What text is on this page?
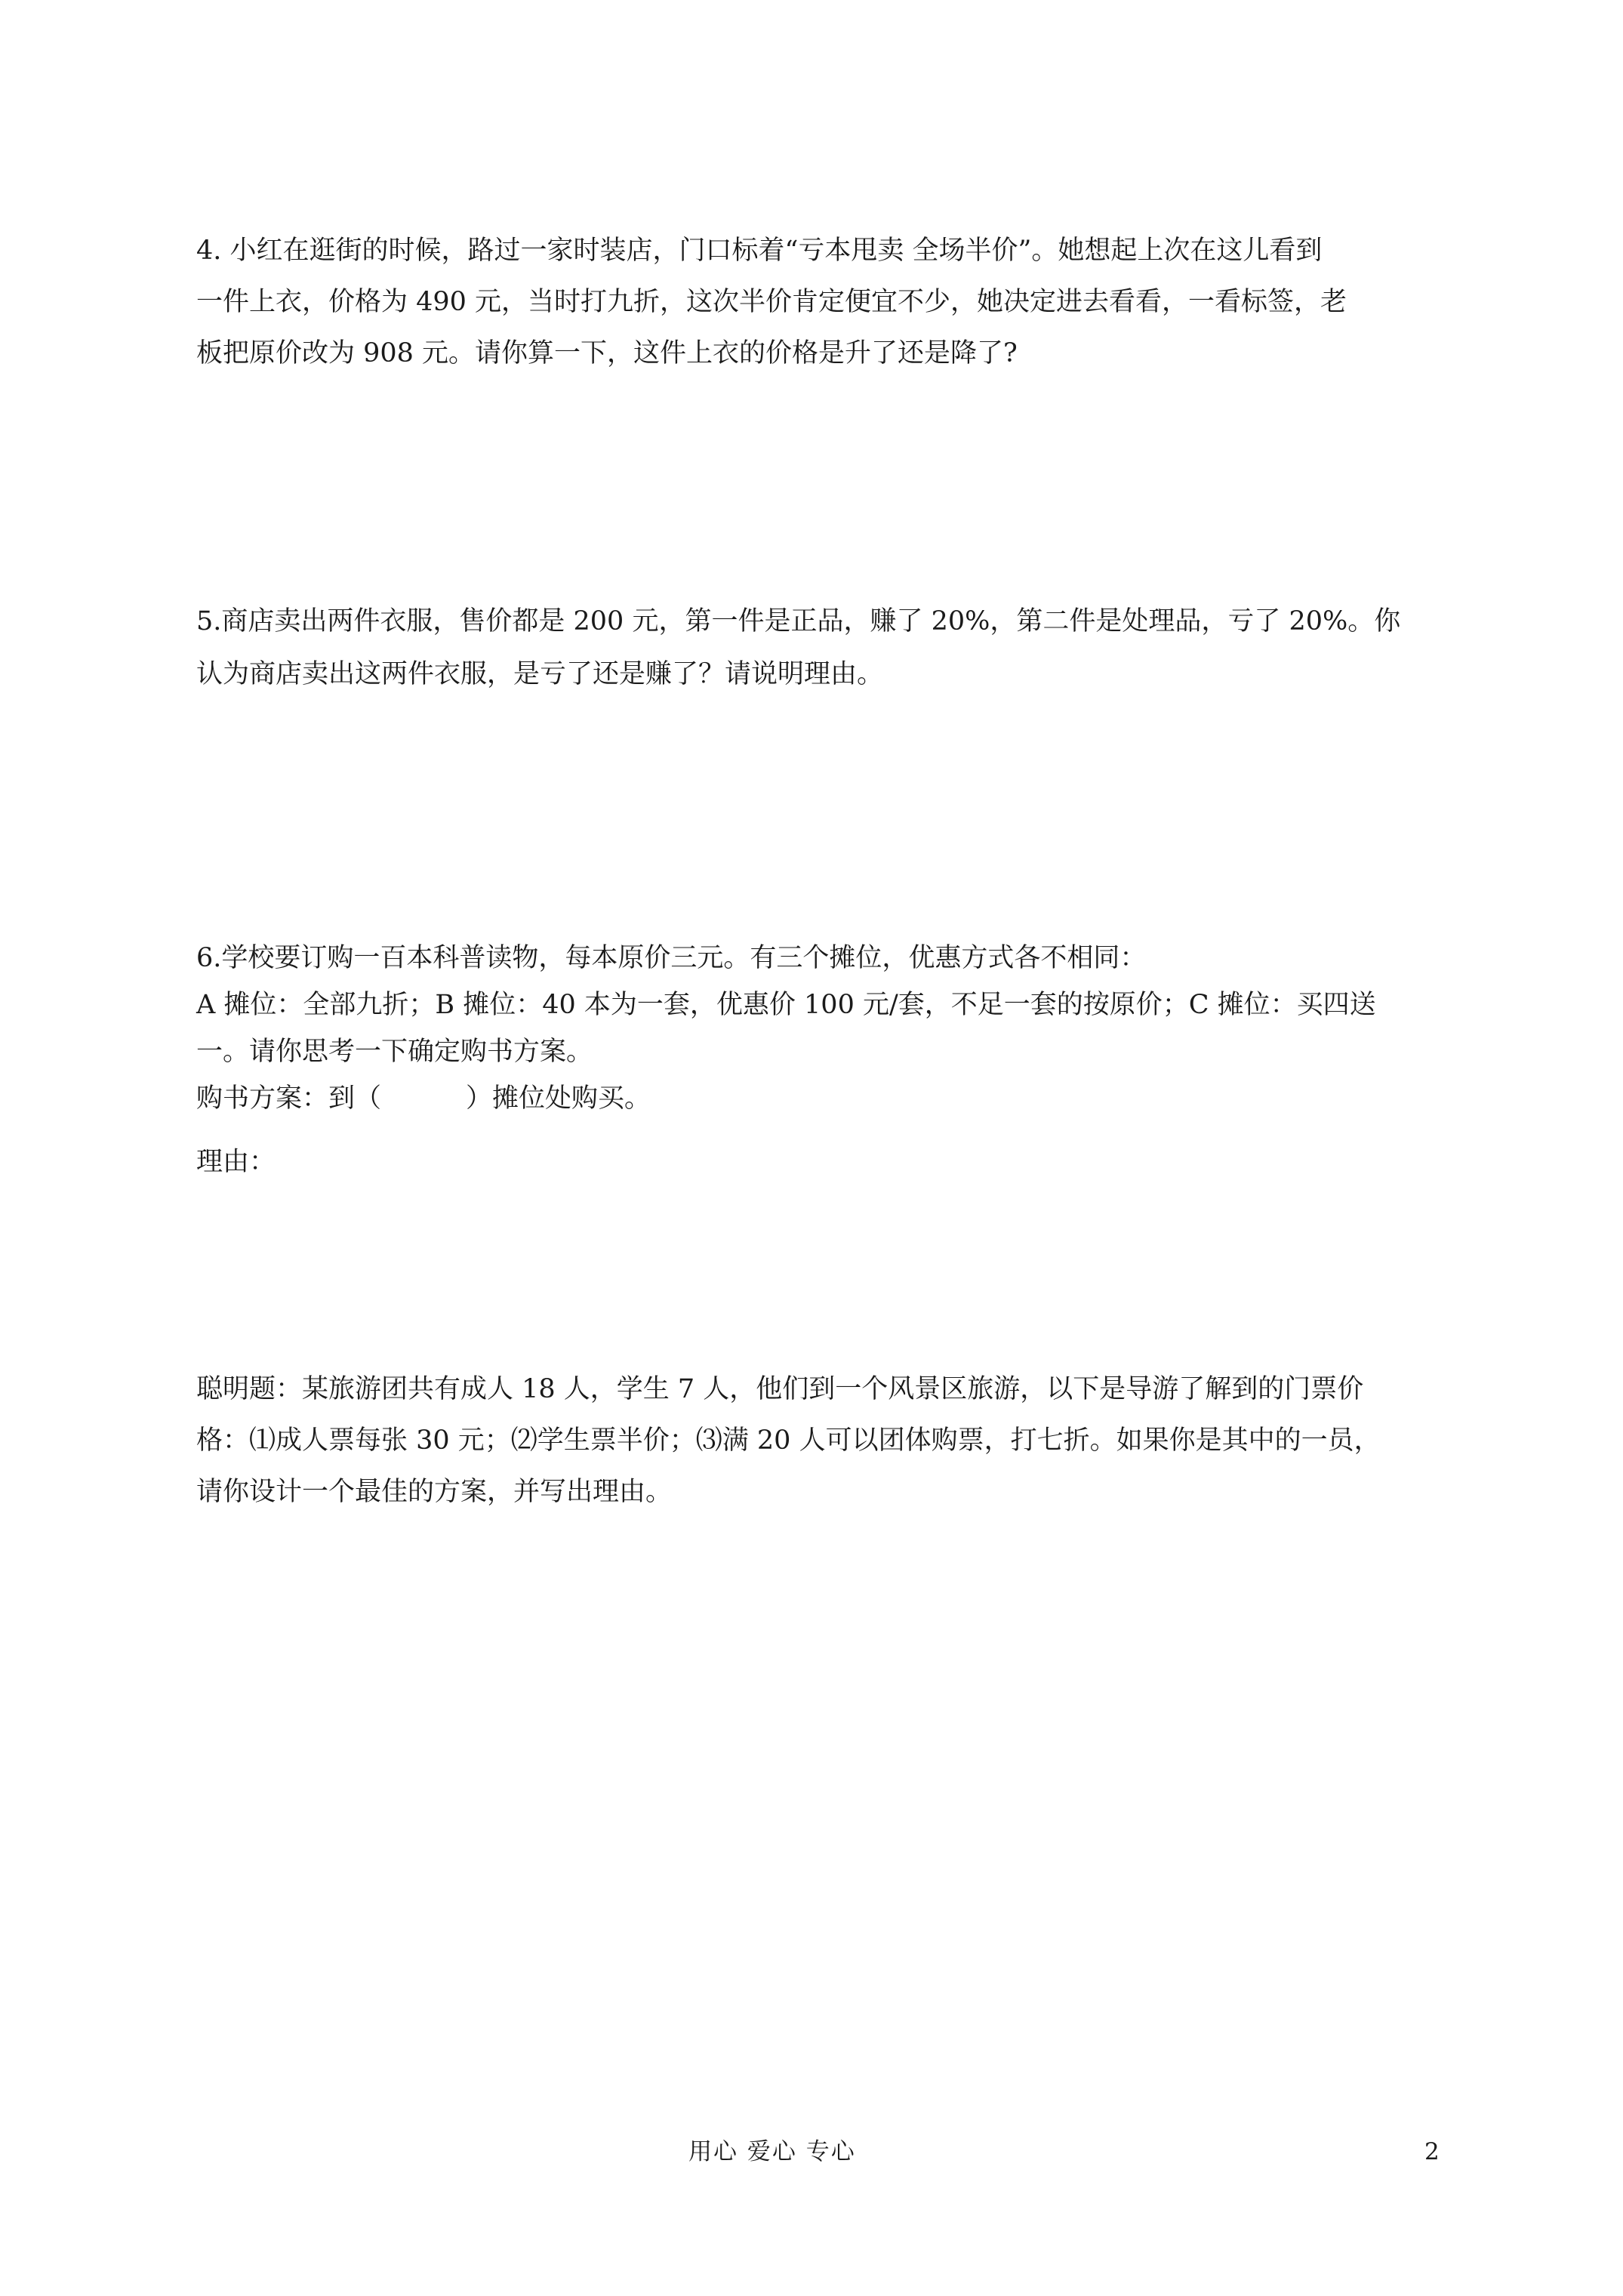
4. 小红在逛街的时候，路过一家时装店，门口标着“亏本甩卖 全场半价”。她想起上次在这儿看到
一件上衣，价格为 490 元，当时打九折，这次半价肯定便宜不少，她决定进去看看，一看标签，老
板把原价改为 908 元。请你算一下，这件上衣的价格是升了还是降了?
5.商店卖出两件衣服，售价都是 200 元，第一件是正品，赚了 20%，第二件是处理品，亏了 20%。你
认为商店卖出这两件衣服，是亏了还是赚了？请说明理由。
6.学校要订购一百本科普读物，每本原价三元。有三个摊位，优惠方式各不相同：
A 摊位：全部九折；B 摊位：40 本为一套，优惠价 100 元/套，不足一套的按原价；C 摊位：买四送
一。请你思考一下确定购书方案。
购书方案：到（	）摊位处购买。
理由：
聪明题：某旅游团共有成人 18 人，学生 7 人，他们到一个风景区旅游，以下是导游了解到的门票价
格：⑴成人票每张 30 元；⑵学生票半价；⑶满 20 人可以团体购票，打七折。如果你是其中的一员，
请你设计一个最佳的方案，并写出理由。
用心 爱心 专心	2
